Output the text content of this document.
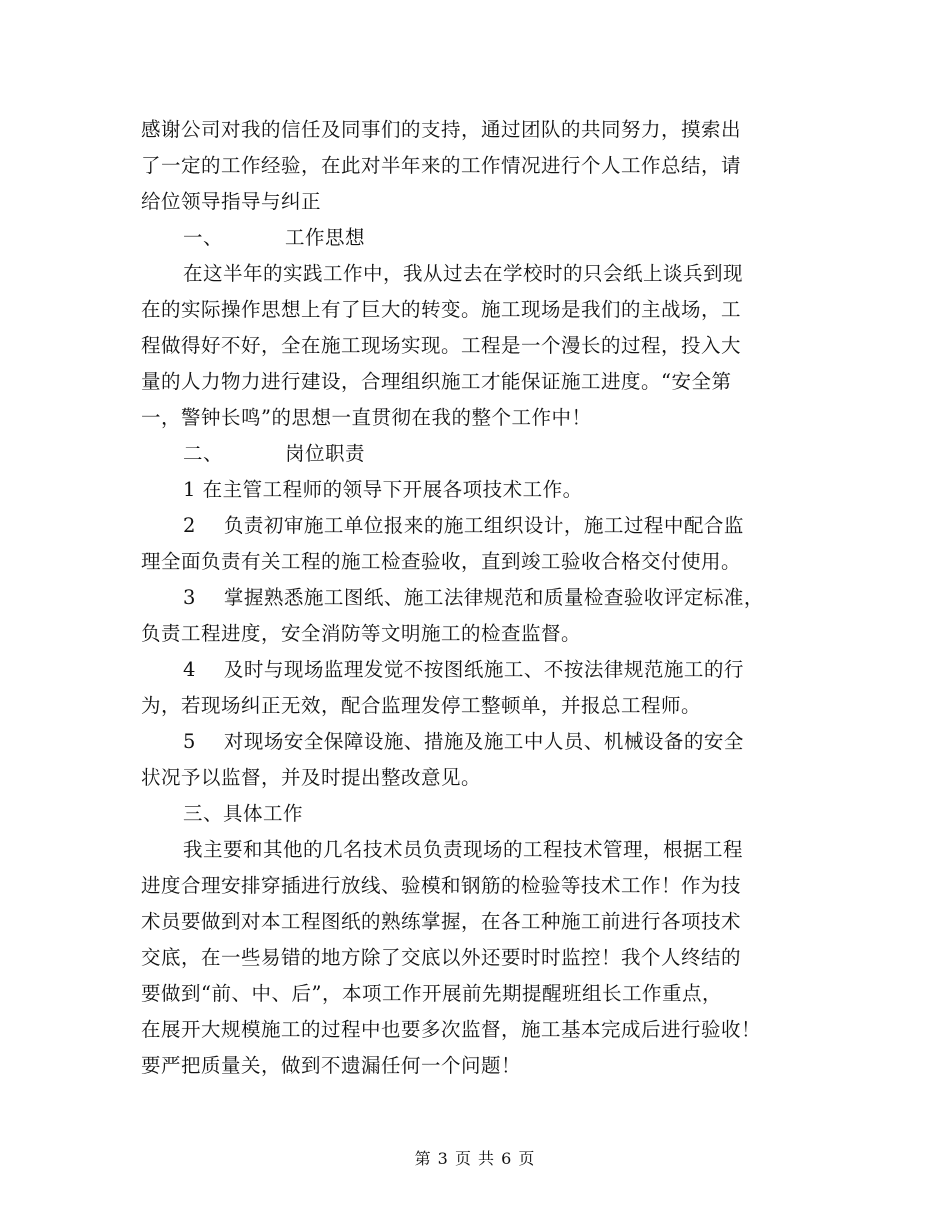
感谢公司对我的信任及同事们的支持，通过团队的共同努力，摸索出
了一定的工作经验，在此对半年来的工作情况进行个人工作总结，请
给位领导指导与纠正
一、	工作思想
在这半年的实践工作中，我从过去在学校时的只会纸上谈兵到现
在的实际操作思想上有了巨大的转变。施工现场是我们的主战场，工
程做得好不好，全在施工现场实现。工程是一个漫长的过程，投入大
量的人力物力进行建设，合理组织施工才能保证施工进度。“安全第
一，警钟长鸣”的思想一直贯彻在我的整个工作中！
二、	岗位职责
1 在主管工程师的领导下开展各项技术工作。
2 负责初审施工单位报来的施工组织设计，施工过程中配合监
理全面负责有关工程的施工检查验收，直到竣工验收合格交付使用。
3 掌握熟悉施工图纸、施工法律规范和质量检查验收评定标准，
负责工程进度，安全消防等文明施工的检查监督。
4 及时与现场监理发觉不按图纸施工、不按法律规范施工的行
为，若现场纠正无效，配合监理发停工整顿单，并报总工程师。
5 对现场安全保障设施、措施及施工中人员、机械设备的安全
状况予以监督，并及时提出整改意见。
三、具体工作
我主要和其他的几名技术员负责现场的工程技术管理，根据工程
进度合理安排穿插进行放线、验模和钢筋的检验等技术工作！作为技
术员要做到对本工程图纸的熟练掌握，在各工种施工前进行各项技术
交底，在一些易错的地方除了交底以外还要时时监控！我个人终结的
要做到“前、中、后”，本项工作开展前先期提醒班组长工作重点，
在展开大规模施工的过程中也要多次监督，施工基本完成后进行验收！
要严把质量关，做到不遗漏任何一个问题！
第 3 页 共 6 页
